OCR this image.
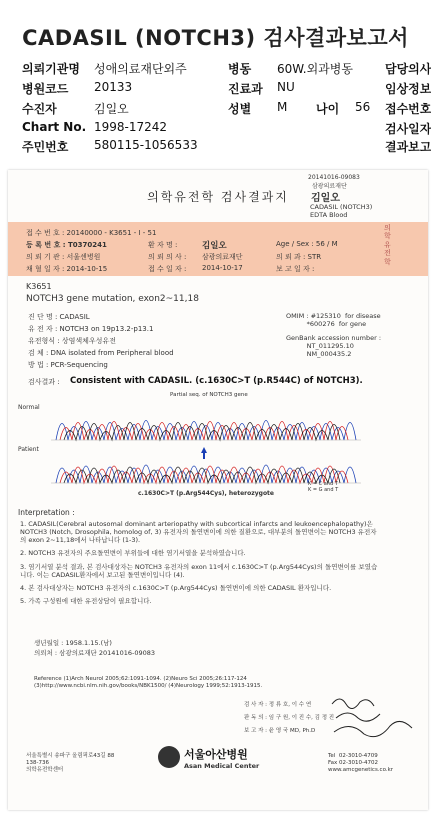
CADASIL (NOTCH3) 검사결과보고서
의뢰기관명 성애의료재단외주	병동 60W.외과병동	담당의사
병원코드 20133	진료과 NU	임상정보
수진자	김일오	성별 M 나이 56 접수번호
Chart No. 1998-17242	검사일자
주민번호 580115-1056533	결과보고
20141016-09083
삼광의료재단
김일오
CADASIL (NOTCH3)
EDTA Blood
의학유전학 검사결과지
의학유전학
접 수 번 호 : 20140000 - K3651 - I - 51
등 록 번 호 : T0370241
의 뢰 기 관 : 서울센병원
채 혈 일 자 : 2014-10-15
환 자 명 :	김일오
의 뢰 의 사 : 삼광의료재단
접 수 일 자 : 2014-10-17
Age / Sex : 56 / M
의 뢰 과 : STR
보 고 일 자 :
K3651
NOTCH3 gene mutation, exon2~11,18
진 단 명 : CADASIL
유 전 자 : NOTCH3 on 19p13.2-p13.1
유전형식 : 상염색체우성유전
검 체 : DNA isolated from Peripheral blood
방 법 : PCR-Sequencing
OMIM : #125310  for disease
*600276  for gene
GenBank accession number :
NT_011295.10
NM_000435.2
검사결과 : Consistent with CADASIL. (c.1630C>T (p.R544C) of NOTCH3).
Partial seq. of NOTCH3 gene
Normal
Patient
c.1630C>T (p.Arg544Cys), heterozygote
K = C and T
K = G and T
Interpretation :
1. CADASIL(Cerebral autosomal dominant arteriopathy with subcortical infarcts and leukoencephalopathy)은 NOTCH3 (Notch, Drosophila, homolog of, 3) 유전자의 돌연변이에 의한 질환으로, 대부분의 돌연변이는 NOTCH3 유전자의 exon 2~11,18에서 나타납니다 (1-3).
2. NOTCH3 유전자의 주요돌연변이 부위들에 대한 염기서열을 분석하였습니다.
3. 염기서열 분석 결과, 본 검사대상자는 NOTCH3 유전자의 exon 11에서 c.1630C>T (p.Arg544Cys)의 돌연변이를 보였습니다. 이는 CADASIL환자에서 보고된 돌연변이입니다 (4).
4. 본 검사대상자는 NOTCH3 유전자의 c.1630C>T (p.Arg544Cys) 돌연변이에 의한 CADASIL 환자입니다.
5. 가족 구성원에 대한 유전상담이 필요합니다.
생년월일 : 1958.1.15.(남)
의뢰처 : 삼광의료재단 20141016-09083
Reference (1)Arch Neurol 2005;62:1091-1094. (2)Neuro Sci 2005;26:117-124
(3)http://www.ncbi.nlm.nih.gov/books/NBK1500/ (4)Neurology 1999;52:1913-1915.
검 사 자 : 정 류 호, 이 수 연
판 독 의 : 임 구 원, 이 진 수, 김 정 진
보 고 자 : 윤 영 국 MD, Ph.D
서울특별시 송파구 올림픽로43길 88
138-736
의학유전학센터
서울아산병원
Asan Medical Center
Tel  02-3010-4709
Fax 02-3010-4702
www.amcgenetics.co.kr
